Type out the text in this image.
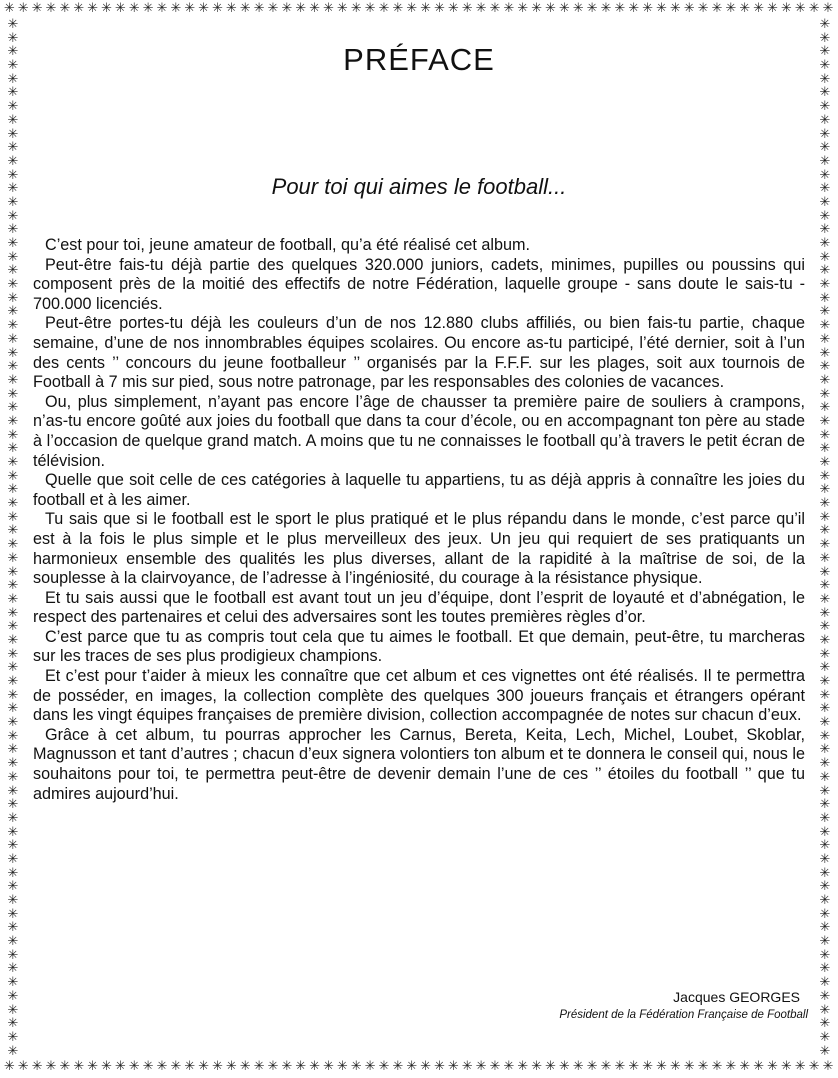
✳ ✳ ✳ ✳ ✳ ✳ ✳ ✳ ✳ ✳ ✳ ✳ ✳ ✳ ✳ ✳ ✳ ✳ ✳ ✳ ✳ ✳ ✳ ✳ ✳ ✳ ✳ ✳ ✳ ✳ ✳ ✳ ✳ ✳ ✳ ✳ ✳ ✳ ✳ ✳ ✳ ✳ ✳ ✳ ✳ ✳ ✳ ✳ ✳ ✳ ✳ ✳ ✳ ✳ ✳ ✳ ✳ ✳ ✳ ✳
✳ ✳ ✳ ✳ ✳ ✳ ✳ ✳ ✳ ✳ ✳ ✳ ✳ ✳ ✳ ✳ ✳ ✳ ✳ ✳ ✳ ✳ ✳ ✳ ✳ ✳ ✳ ✳ ✳ ✳ ✳ ✳ ✳ ✳ ✳ ✳ ✳ ✳ ✳ ✳ ✳ ✳ ✳ ✳ ✳ ✳ ✳ ✳ ✳ ✳ ✳ ✳ ✳ ✳ ✳ ✳ ✳ ✳ ✳ ✳
✳
✳
✳
✳
✳
✳
✳
✳
✳
✳
✳
✳
✳
✳
✳
✳
✳
✳
✳
✳
✳
✳
✳
✳
✳
✳
✳
✳
✳
✳
✳
✳
✳
✳
✳
✳
✳
✳
✳
✳
✳
✳
✳
✳
✳
✳
✳
✳
✳
✳
✳
✳
✳
✳
✳
✳
✳
✳
✳
✳
✳
✳
✳
✳
✳
✳
✳
✳
✳
✳
✳
✳
✳
✳
✳
✳
✳
✳
✳
✳
✳
✳
✳
✳
✳
✳
✳
✳
✳
✳
✳
✳
✳
✳
✳
✳
✳
✳
✳
✳
✳
✳
✳
✳
✳
✳
✳
✳
✳
✳
✳
✳
✳
✳
✳
✳
✳
✳
✳
✳
✳
✳
✳
✳
✳
✳
✳
✳
✳
✳
✳
✳
✳
✳
✳
✳
✳
✳
✳
✳
✳
✳
✳
✳
✳
✳
✳
✳
✳
✳
✳
✳
PRÉFACE
Pour toi qui aimes le football...

C’est pour toi, jeune amateur de football, qu’a été réalisé cet album.

Peut-être fais-tu déjà partie des quelques 320.000 juniors, cadets, minimes, pupilles ou poussins qui composent près de la moitié des effectifs de notre Fédération, laquelle groupe - sans doute le sais-tu - 700.000 licenciés.

Peut-être portes-tu déjà les couleurs d’un de nos 12.880 clubs affiliés, ou bien fais-tu partie, chaque semaine, d’une de nos innombrables équipes scolaires. Ou encore as-tu participé, l’été dernier, soit à l’un des cents ’’ concours du jeune footballeur ’’ organisés par la F.F.F. sur les plages, soit aux tournois de Football à 7 mis sur pied, sous notre patronage, par les responsables des colonies de vacances.

Ou, plus simplement, n’ayant pas encore l’âge de chausser ta première paire de souliers à crampons, n’as-tu encore goûté aux joies du football que dans ta cour d’école, ou en accompagnant ton père au stade à l’occasion de quelque grand match. A moins que tu ne connaisses le football qu’à travers le petit écran de télévision.

Quelle que soit celle de ces catégories à laquelle tu appartiens, tu as déjà appris à connaître les joies du football et à les aimer.

Tu sais que si le football est le sport le plus pratiqué et le plus répandu dans le monde, c’est parce qu’il est à la fois le plus simple et le plus merveilleux des jeux. Un jeu qui requiert de ses pratiquants un harmonieux ensemble des qualités les plus diverses, allant de la rapidité à la maîtrise de soi, de la souplesse à la clairvoyance, de l’adresse à l’ingéniosité, du courage à la résistance physique.

Et tu sais aussi que le football est avant tout un jeu d’équipe, dont l’esprit de loyauté et d’abnégation, le respect des partenaires et celui des adversaires sont les toutes premières règles d’or.

C’est parce que tu as compris tout cela que tu aimes le football. Et que demain, peut-être, tu marcheras sur les traces de ses plus prodigieux champions.

Et c’est pour t’aider à mieux les connaître que cet album et ces vignettes ont été réalisés. Il te permettra de posséder, en images, la collection complète des quelques 300 joueurs français et étrangers opérant dans les vingt équipes françaises de première division, collection accompagnée de notes sur chacun d’eux.

Grâce à cet album, tu pourras approcher les Carnus, Bereta, Keita, Lech, Michel, Loubet, Skoblar, Magnusson et tant d’autres ; chacun d’eux signera volontiers ton album et te donnera le conseil qui, nous le souhaitons pour toi, te permettra peut-être de devenir demain l’une de ces ’’ étoiles du football ’’ que tu admires aujourd’hui.

Jacques GEORGES
Président de la Fédération Française de Football
